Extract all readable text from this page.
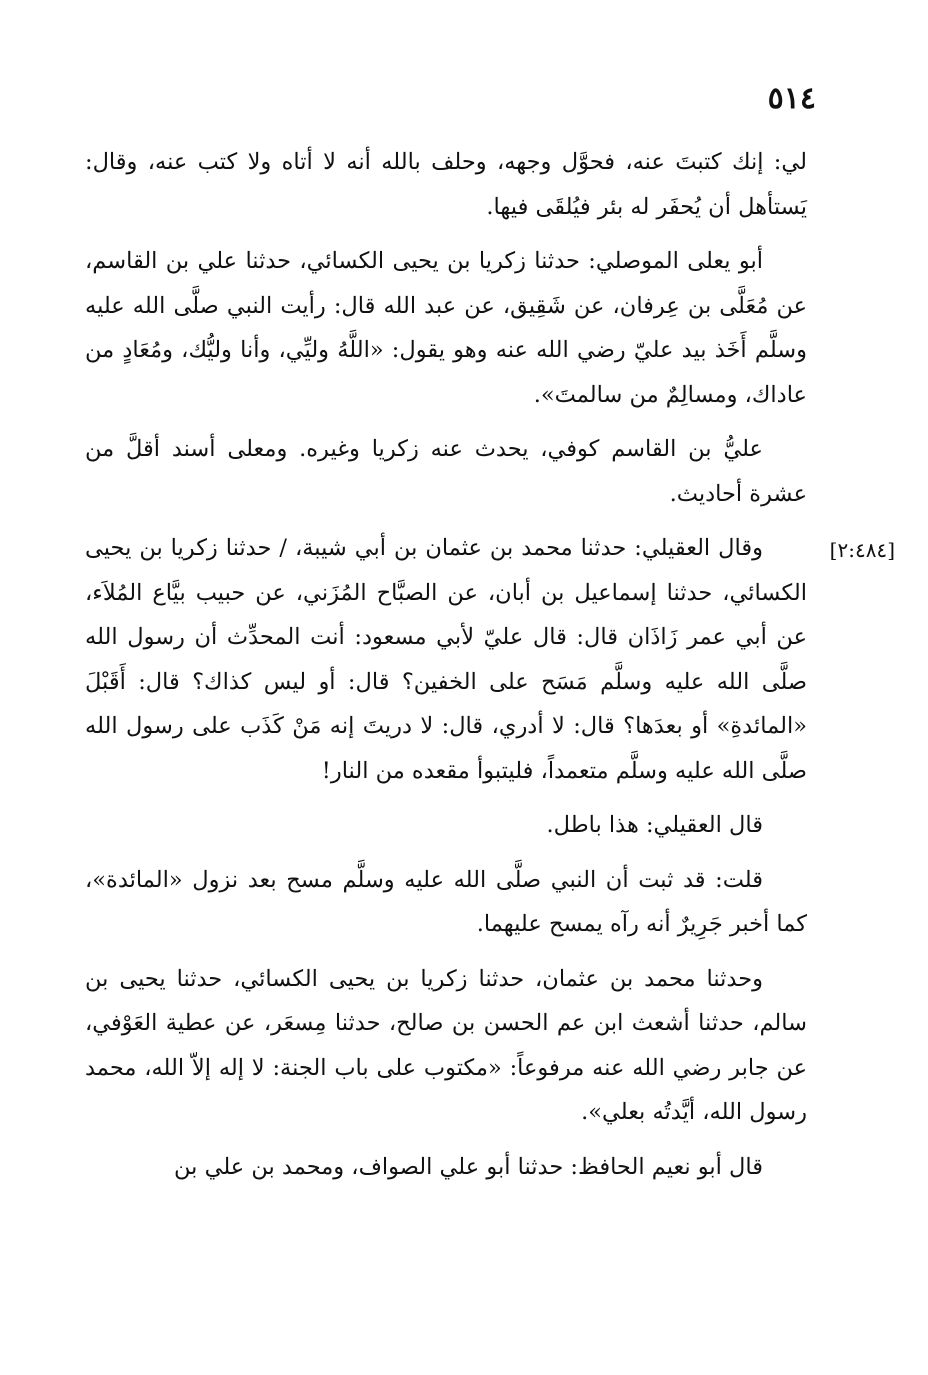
٥١٤

لي: إنك كتبتَ عنه، فحوَّل وجهه، وحلف بالله أنه لا أتاه ولا كتب عنه، وقال: يَستأهل أن يُحفَر له بئر فيُلقَى فيها.

أبو يعلى الموصلي: حدثنا زكريا بن يحيى الكسائي، حدثنا علي بن القاسم، عن مُعَلَّى بن عِرفان، عن شَقِيق، عن عبد الله قال: رأيت النبي صلَّى الله عليه وسلَّم أَخَذ بيد عليّ رضي الله عنه وهو يقول: «اللَّهُ وليِّي، وأنا وليُّك، ومُعَادٍ من عاداك، ومسالِمٌ من سالمتَ».

عليُّ بن القاسم كوفي، يحدث عنه زكريا وغيره. ومعلى أسند أقلَّ من عشرة أحاديث.

[٢:٤٨٤]
وقال العقيلي: حدثنا محمد بن عثمان بن أبي شيبة، / حدثنا زكريا بن يحيى الكسائي، حدثنا إسماعيل بن أبان، عن الصبَّاح المُزَني، عن حبيب بيَّاع المُلاَء، عن أبي عمر زَاذَان قال: قال عليّ لأبي مسعود: أنت المحدِّث أن رسول الله صلَّى الله عليه وسلَّم مَسَح على الخفين؟ قال: أو ليس كذاك؟ قال: أَقَبْلَ «المائدةِ» أو بعدَها؟ قال: لا أدري، قال: لا دريتَ إنه مَنْ كَذَب على رسول الله صلَّى الله عليه وسلَّم متعمداً، فليتبوأ مقعده من النار!

قال العقيلي: هذا باطل.

قلت: قد ثبت أن النبي صلَّى الله عليه وسلَّم مسح بعد نزول «المائدة»، كما أخبر جَرِيرٌ أنه رآه يمسح عليهما.

وحدثنا محمد بن عثمان، حدثنا زكريا بن يحيى الكسائي، حدثنا يحيى بن سالم، حدثنا أشعث ابن عم الحسن بن صالح، حدثنا مِسعَر، عن عطية العَوْفي، عن جابر رضي الله عنه مرفوعاً: «مكتوب على باب الجنة: لا إله إلاّ الله، محمد رسول الله، أيَّدتُه بعلي».

قال أبو نعيم الحافظ: حدثنا أبو علي الصواف، ومحمد بن علي بن
